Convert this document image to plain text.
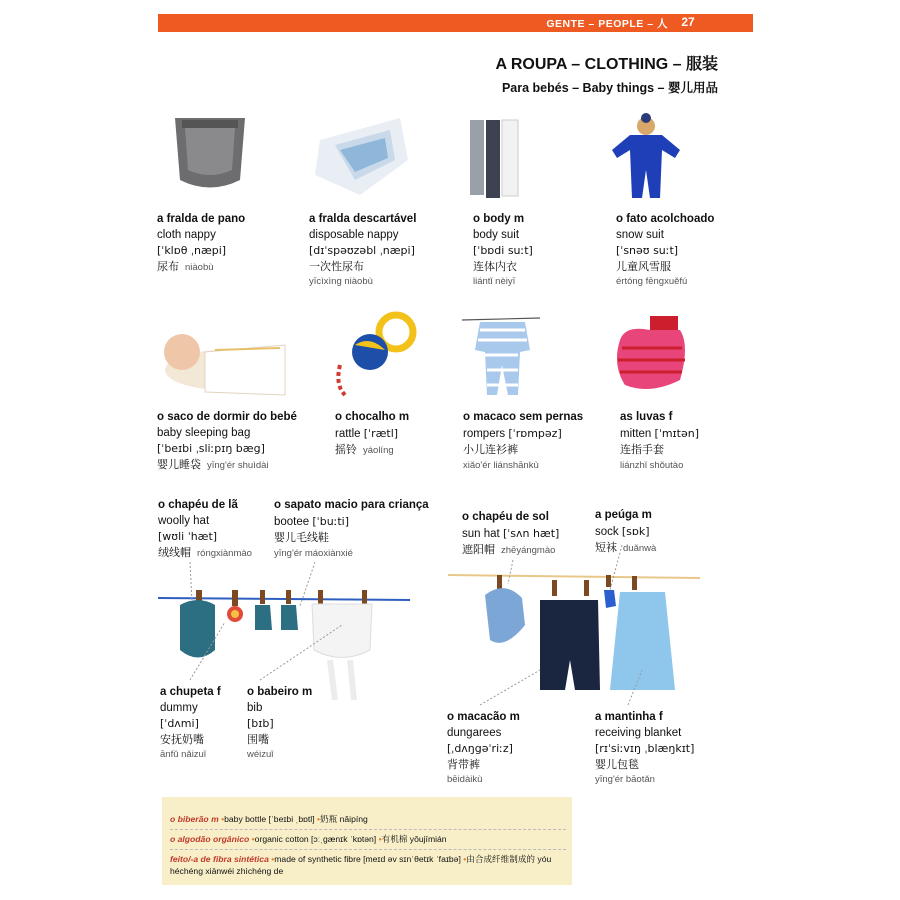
GENTE – PEOPLE – 人	27
A ROUPA – CLOTHING – 服装
Para bebés – Baby things – 婴儿用品
a fralda de pano
cloth nappy
[ˈklɒθ ˌnæpi]
尿布 niàobù
a fralda descartável
disposable nappy
[dɪˈspəʊzəbl ˌnæpi]
一次性尿布
yīcìxìng niàobù
o body m
body suit
[ˈbɒdi suːt]
连体内衣
liántǐ nèiyī
o fato acolchoado
snow suit
[ˈsnəʊ suːt]
儿童风雪服
értóng fēngxuěfú
o saco de dormir do bebé
baby sleeping bag
[ˈbeɪbi ˌsliːpɪŋ bæg]
婴儿睡袋 yīng'ér shuìdài
o chocalho m
rattle [ˈrætl]
摇铃 yáolíng
o macaco sem pernas
rompers [ˈrɒmpəz]
小儿连衫裤
xiǎo'ér liánshānkù
as luvas f
mitten [ˈmɪtən]
连指手套
liánzhǐ shǒutào
o chapéu de lã
woolly hat
[wʊli ˈhæt]
绒线帽 róngxiànmào
o sapato macio para criança
bootee [ˈbuːti]
婴儿毛线鞋
yīng'ér máoxiànxié
o chapéu de sol
sun hat [ˈsʌn hæt]
遮阳帽 zhēyángmào
a peúga m
sock [sɒk]
短袜 duǎnwà
a chupeta f
dummy
[ˈdʌmi]
安抚奶嘴
ānfǔ nǎizuǐ
o babeiro m
bib
[bɪb]
围嘴
wéizuǐ
o macacão m
dungarees
[ˌdʌŋgəˈriːz]
背带裤
bēidàikù
a mantinha f
receiving blanket
[rɪˈsiːvɪŋ ˌblæŋkɪt]
婴儿包毯
yīng'ér bāotǎn
o biberão m •baby bottle [ˈbeɪbi ˌbɒtl] •奶瓶 nǎipíng
o algodão orgânico •organic cotton [ɔːˌgænɪk ˈkɒtən] •有机棉 yǒujīmián
feito/-a de fibra sintética •made of synthetic fibre [meɪd əv sɪnˈθetɪk ˈfaɪbə] •由合成纤维制成的 yóu héchéng xiānwéi zhìchéng de
